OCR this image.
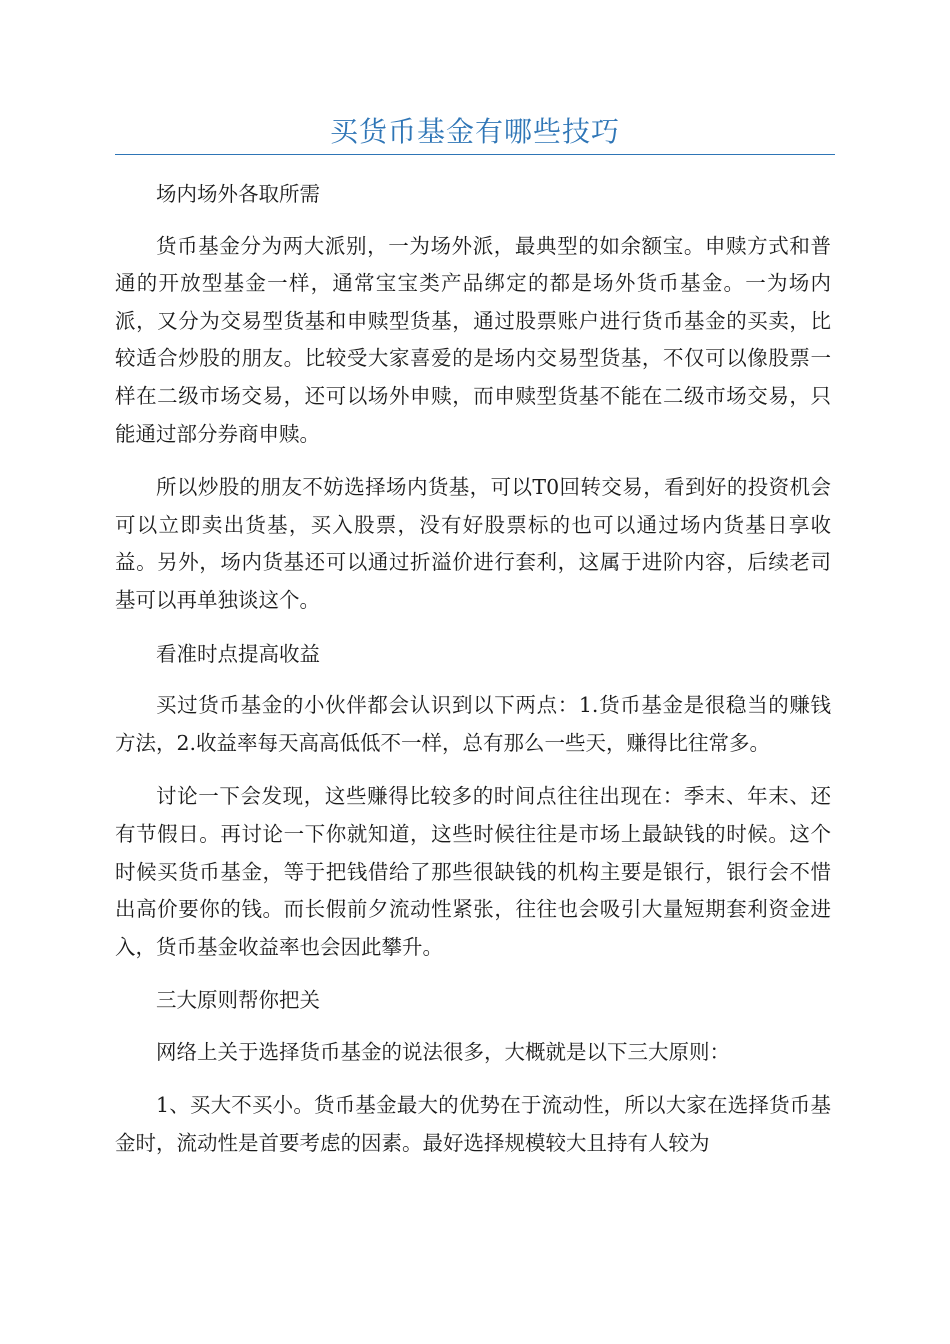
买货币基金有哪些技巧

场内场外各取所需

货币基金分为两大派别，一为场外派，最典型的如余额宝。申赎方式和普通的开放型基金一样，通常宝宝类产品绑定的都是场外货币基金。一为场内派，又分为交易型货基和申赎型货基，通过股票账户进行货币基金的买卖，比较适合炒股的朋友。比较受大家喜爱的是场内交易型货基，不仅可以像股票一样在二级市场交易，还可以场外申赎，而申赎型货基不能在二级市场交易，只能通过部分券商申赎。

所以炒股的朋友不妨选择场内货基，可以T0回转交易，看到好的投资机会可以立即卖出货基，买入股票，没有好股票标的也可以通过场内货基日享收益。另外，场内货基还可以通过折溢价进行套利，这属于进阶内容，后续老司基可以再单独谈这个。

看准时点提高收益

买过货币基金的小伙伴都会认识到以下两点：1.货币基金是很稳当的赚钱方法，2.收益率每天高高低低不一样，总有那么一些天，赚得比往常多。

讨论一下会发现，这些赚得比较多的时间点往往出现在：季末、年末、还有节假日。再讨论一下你就知道，这些时候往往是市场上最缺钱的时候。这个时候买货币基金，等于把钱借给了那些很缺钱的机构主要是银行，银行会不惜出高价要你的钱。而长假前夕流动性紧张，往往也会吸引大量短期套利资金进入，货币基金收益率也会因此攀升。

三大原则帮你把关

网络上关于选择货币基金的说法很多，大概就是以下三大原则：

1、买大不买小。货币基金最大的优势在于流动性，所以大家在选择货币基金时，流动性是首要考虑的因素。最好选择规模较大且持有人较为
